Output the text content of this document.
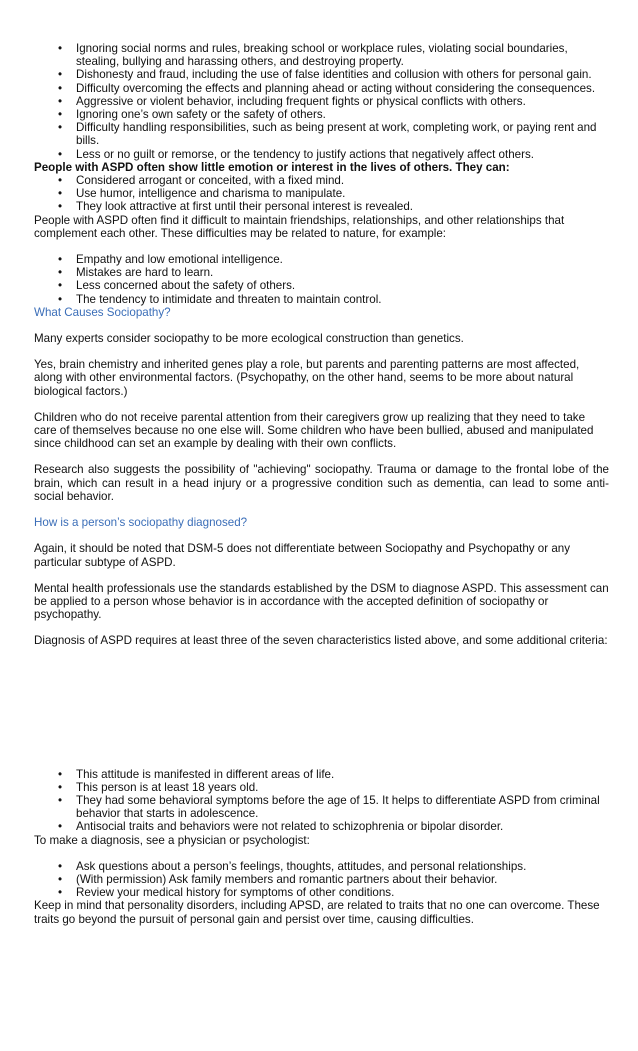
• Ignoring social norms and rules, breaking school or workplace rules, violating social boundaries, stealing, bullying and harassing others, and destroying property.
• Dishonesty and fraud, including the use of false identities and collusion with others for personal gain.
• Difficulty overcoming the effects and planning ahead or acting without considering the consequences.
• Aggressive or violent behavior, including frequent fights or physical conflicts with others.
• Ignoring one’s own safety or the safety of others.
• Difficulty handling responsibilities, such as being present at work, completing work, or paying rent and bills.
• Less or no guilt or remorse, or the tendency to justify actions that negatively affect others.

People with ASPD often show little emotion or interest in the lives of others. They can:

• Considered arrogant or conceited, with a fixed mind.
• Use humor, intelligence and charisma to manipulate.
• They look attractive at first until their personal interest is revealed.

People with ASPD often find it difficult to maintain friendships, relationships, and other relationships that complement each other. These difficulties may be related to nature, for example:

• Empathy and low emotional intelligence.
• Mistakes are hard to learn.
• Less concerned about the safety of others.
• The tendency to intimidate and threaten to maintain control.

What Causes Sociopathy?

Many experts consider sociopathy to be more ecological construction than genetics.

Yes, brain chemistry and inherited genes play a role, but parents and parenting patterns are most affected, along with other environmental factors. (Psychopathy, on the other hand, seems to be more about natural biological factors.)

Children who do not receive parental attention from their caregivers grow up realizing that they need to take care of themselves because no one else will. Some children who have been bullied, abused and manipulated since childhood can set an example by dealing with their own conflicts.

Research also suggests the possibility of "achieving" sociopathy. Trauma or damage to the frontal lobe of the brain, which can result in a head injury or a progressive condition such as dementia, can lead to some anti-social behavior.

How is a person’s sociopathy diagnosed?

Again, it should be noted that DSM-5 does not differentiate between Sociopathy and Psychopathy or any particular subtype of ASPD.

Mental health professionals use the standards established by the DSM to diagnose ASPD. This assessment can be applied to a person whose behavior is in accordance with the accepted definition of sociopathy or psychopathy.

Diagnosis of ASPD requires at least three of the seven characteristics listed above, and some additional criteria:

• This attitude is manifested in different areas of life.
• This person is at least 18 years old.
• They had some behavioral symptoms before the age of 15. It helps to differentiate ASPD from criminal behavior that starts in adolescence.
• Antisocial traits and behaviors were not related to schizophrenia or bipolar disorder.

To make a diagnosis, see a physician or psychologist:

• Ask questions about a person’s feelings, thoughts, attitudes, and personal relationships.
• (With permission) Ask family members and romantic partners about their behavior.
• Review your medical history for symptoms of other conditions.

Keep in mind that personality disorders, including APSD, are related to traits that no one can overcome. These traits go beyond the pursuit of personal gain and persist over time, causing difficulties.
